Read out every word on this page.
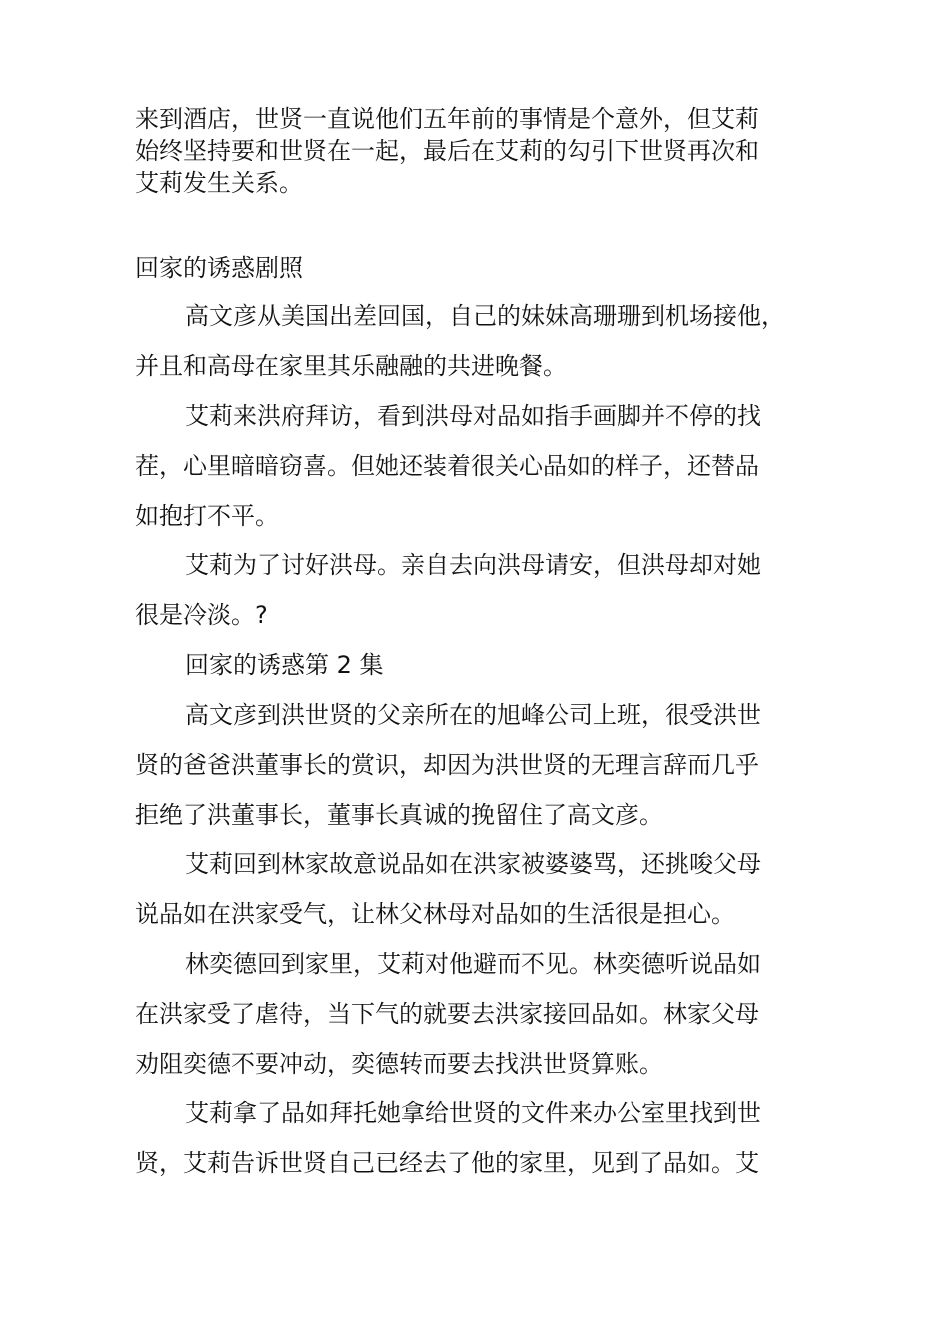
来到酒店，世贤一直说他们五年前的事情是个意外，但艾莉
始终坚持要和世贤在一起，最后在艾莉的勾引下世贤再次和
艾莉发生关系。
回家的诱惑剧照
高文彦从美国出差回国，自己的妹妹高珊珊到机场接他，
并且和高母在家里其乐融融的共进晚餐。
艾莉来洪府拜访，看到洪母对品如指手画脚并不停的找
茬，心里暗暗窃喜。但她还装着很关心品如的样子，还替品
如抱打不平。
艾莉为了讨好洪母。亲自去向洪母请安，但洪母却对她
很是冷淡。?
回家的诱惑第 2 集
高文彦到洪世贤的父亲所在的旭峰公司上班，很受洪世
贤的爸爸洪董事长的赏识，却因为洪世贤的无理言辞而几乎
拒绝了洪董事长，董事长真诚的挽留住了高文彦。
艾莉回到林家故意说品如在洪家被婆婆骂，还挑唆父母
说品如在洪家受气，让林父林母对品如的生活很是担心。
林奕德回到家里，艾莉对他避而不见。林奕德听说品如
在洪家受了虐待，当下气的就要去洪家接回品如。林家父母
劝阻奕德不要冲动，奕德转而要去找洪世贤算账。
艾莉拿了品如拜托她拿给世贤的文件来办公室里找到世
贤，艾莉告诉世贤自己已经去了他的家里，见到了品如。艾
